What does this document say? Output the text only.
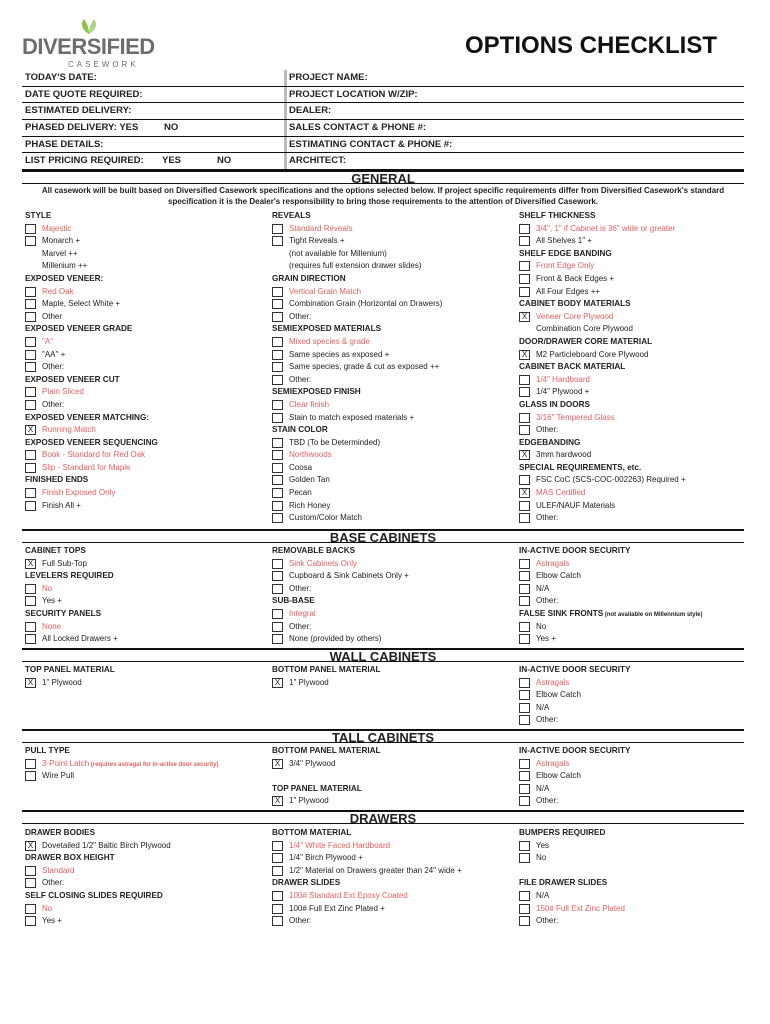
DIVERSIFIED
CASEWORK
OPTIONS CHECKLIST
TODAY'S DATE:	PROJECT NAME:
DATE QUOTE REQUIRED:	PROJECT LOCATION W/ZIP:
ESTIMATED DELIVERY:	DEALER:
PHASED DELIVERY: YES	NO	SALES CONTACT & PHONE #:
PHASE DETAILS:	ESTIMATING CONTACT & PHONE #:
LIST PRICING REQUIRED: YES	NO	ARCHITECT:
GENERAL
All casework will be built based on Diversified Casework specifications and the options selected below. If project specific requirements differ from Diversified Casework's standard specification it is the Dealer's responsibility to bring those requirements to the attention of Diversified Casework.
BASE CABINETS
WALL CABINETS
TALL CABINETS
DRAWERS
STYLE
Majestic
Monarch +
Marvel ++
Millenium ++
EXPOSED VENEER:
Red Oak
Maple, Select White +
Other
EXPOSED VENEER GRADE
"A"
"AA" +
Other:
EXPOSED VENEER CUT
Plain Sliced
Other:
EXPOSED VENEER MATCHING:
X	Running Match
EXPOSED VENEER SEQUENCING
Book - Standard for Red Oak
Slip - Standard for Maple
FINISHED ENDS
Finish Exposed Only
Finish All +
REVEALS
Standard Reveals
Tight Reveals +
(not available for Millenium)
(requires full extension drawer slides)
GRAIN DIRECTION
Vertical Grain Match
Combination Grain (Horizontal on Drawers)
Other:
SEMIEXPOSED MATERIALS
Mixed species & grade
Same species as exposed +
Same species, grade & cut as exposed ++
Other:
SEMIEXPOSED FINISH
Clear finish
Stain to match exposed materials +
STAIN COLOR
TBD (To be Determinded)
Northwoods
Coosa
Golden Tan
Pecan
Rich Honey
Custom/Color Match
SHELF THICKNESS
3/4", 1" if Cabinet is 36" wide or greater
All Shelves 1" +
SHELF EDGE BANDING
Front Edge Only
Front & Back Edges +
All Four Edges ++
CABINET BODY MATERIALS
X	Veneer Core Plywood
Combination Core Plywood
DOOR/DRAWER CORE MATERIAL
X	M2 Particleboard Core Plywood
CABINET BACK MATERIAL
1/4" Hardboard
1/4" Plywood +
GLASS IN DOORS
3/16" Tempered Glass
Other:
EDGEBANDING
X	3mm hardwood
SPECIAL REQUIREMENTS, etc.
FSC CoC (SCS-COC-002263) Required +
X	MAS Certified
ULEF/NAUF Materials
Other:
CABINET TOPS
X	Full Sub-Top
LEVELERS REQUIRED
No
Yes +
SECURITY PANELS
None
All Locked Drawers +
REMOVABLE BACKS
Sink Cabinets Only
Cupboard & Sink Cabinets Only +
Other:
SUB-BASE
Integral
Other:
None (provided by others)
IN-ACTIVE DOOR SECURITY
Astragals
Elbow Catch
N/A
Other:
FALSE SINK FRONTS (not available on Millennium style)
No
Yes +
TOP PANEL MATERIAL
X	1" Plywood
BOTTOM PANEL MATERIAL
X	1" Plywood
IN-ACTIVE DOOR SECURITY
Astragals
Elbow Catch
N/A
Other:
PULL TYPE
3-Point Latch (requires astragal for in-active door security)
Wire Pull
BOTTOM PANEL MATERIAL
X	3/4" Plywood
TOP PANEL MATERIAL
X	1" Plywood
IN-ACTIVE DOOR SECURITY
Astragals
Elbow Catch
N/A
Other:
DRAWER BODIES
X	Dovetailed 1/2" Baltic Birch Plywood
DRAWER BOX HEIGHT
Standard
Other:
SELF CLOSING SLIDES REQUIRED
No
Yes +
BOTTOM MATERIAL
1/4" White Faced Hardboard
1/4" Birch Plywood +
1/2" Material on Drawers greater than 24" wide +
DRAWER SLIDES
100# Standard Ext Epoxy Coated
100# Full Ext Zinc Plated +
Other:
BUMPERS REQUIRED
Yes
No
FILE DRAWER SLIDES
N/A
150# Full Ext Zinc Plated
Other:
